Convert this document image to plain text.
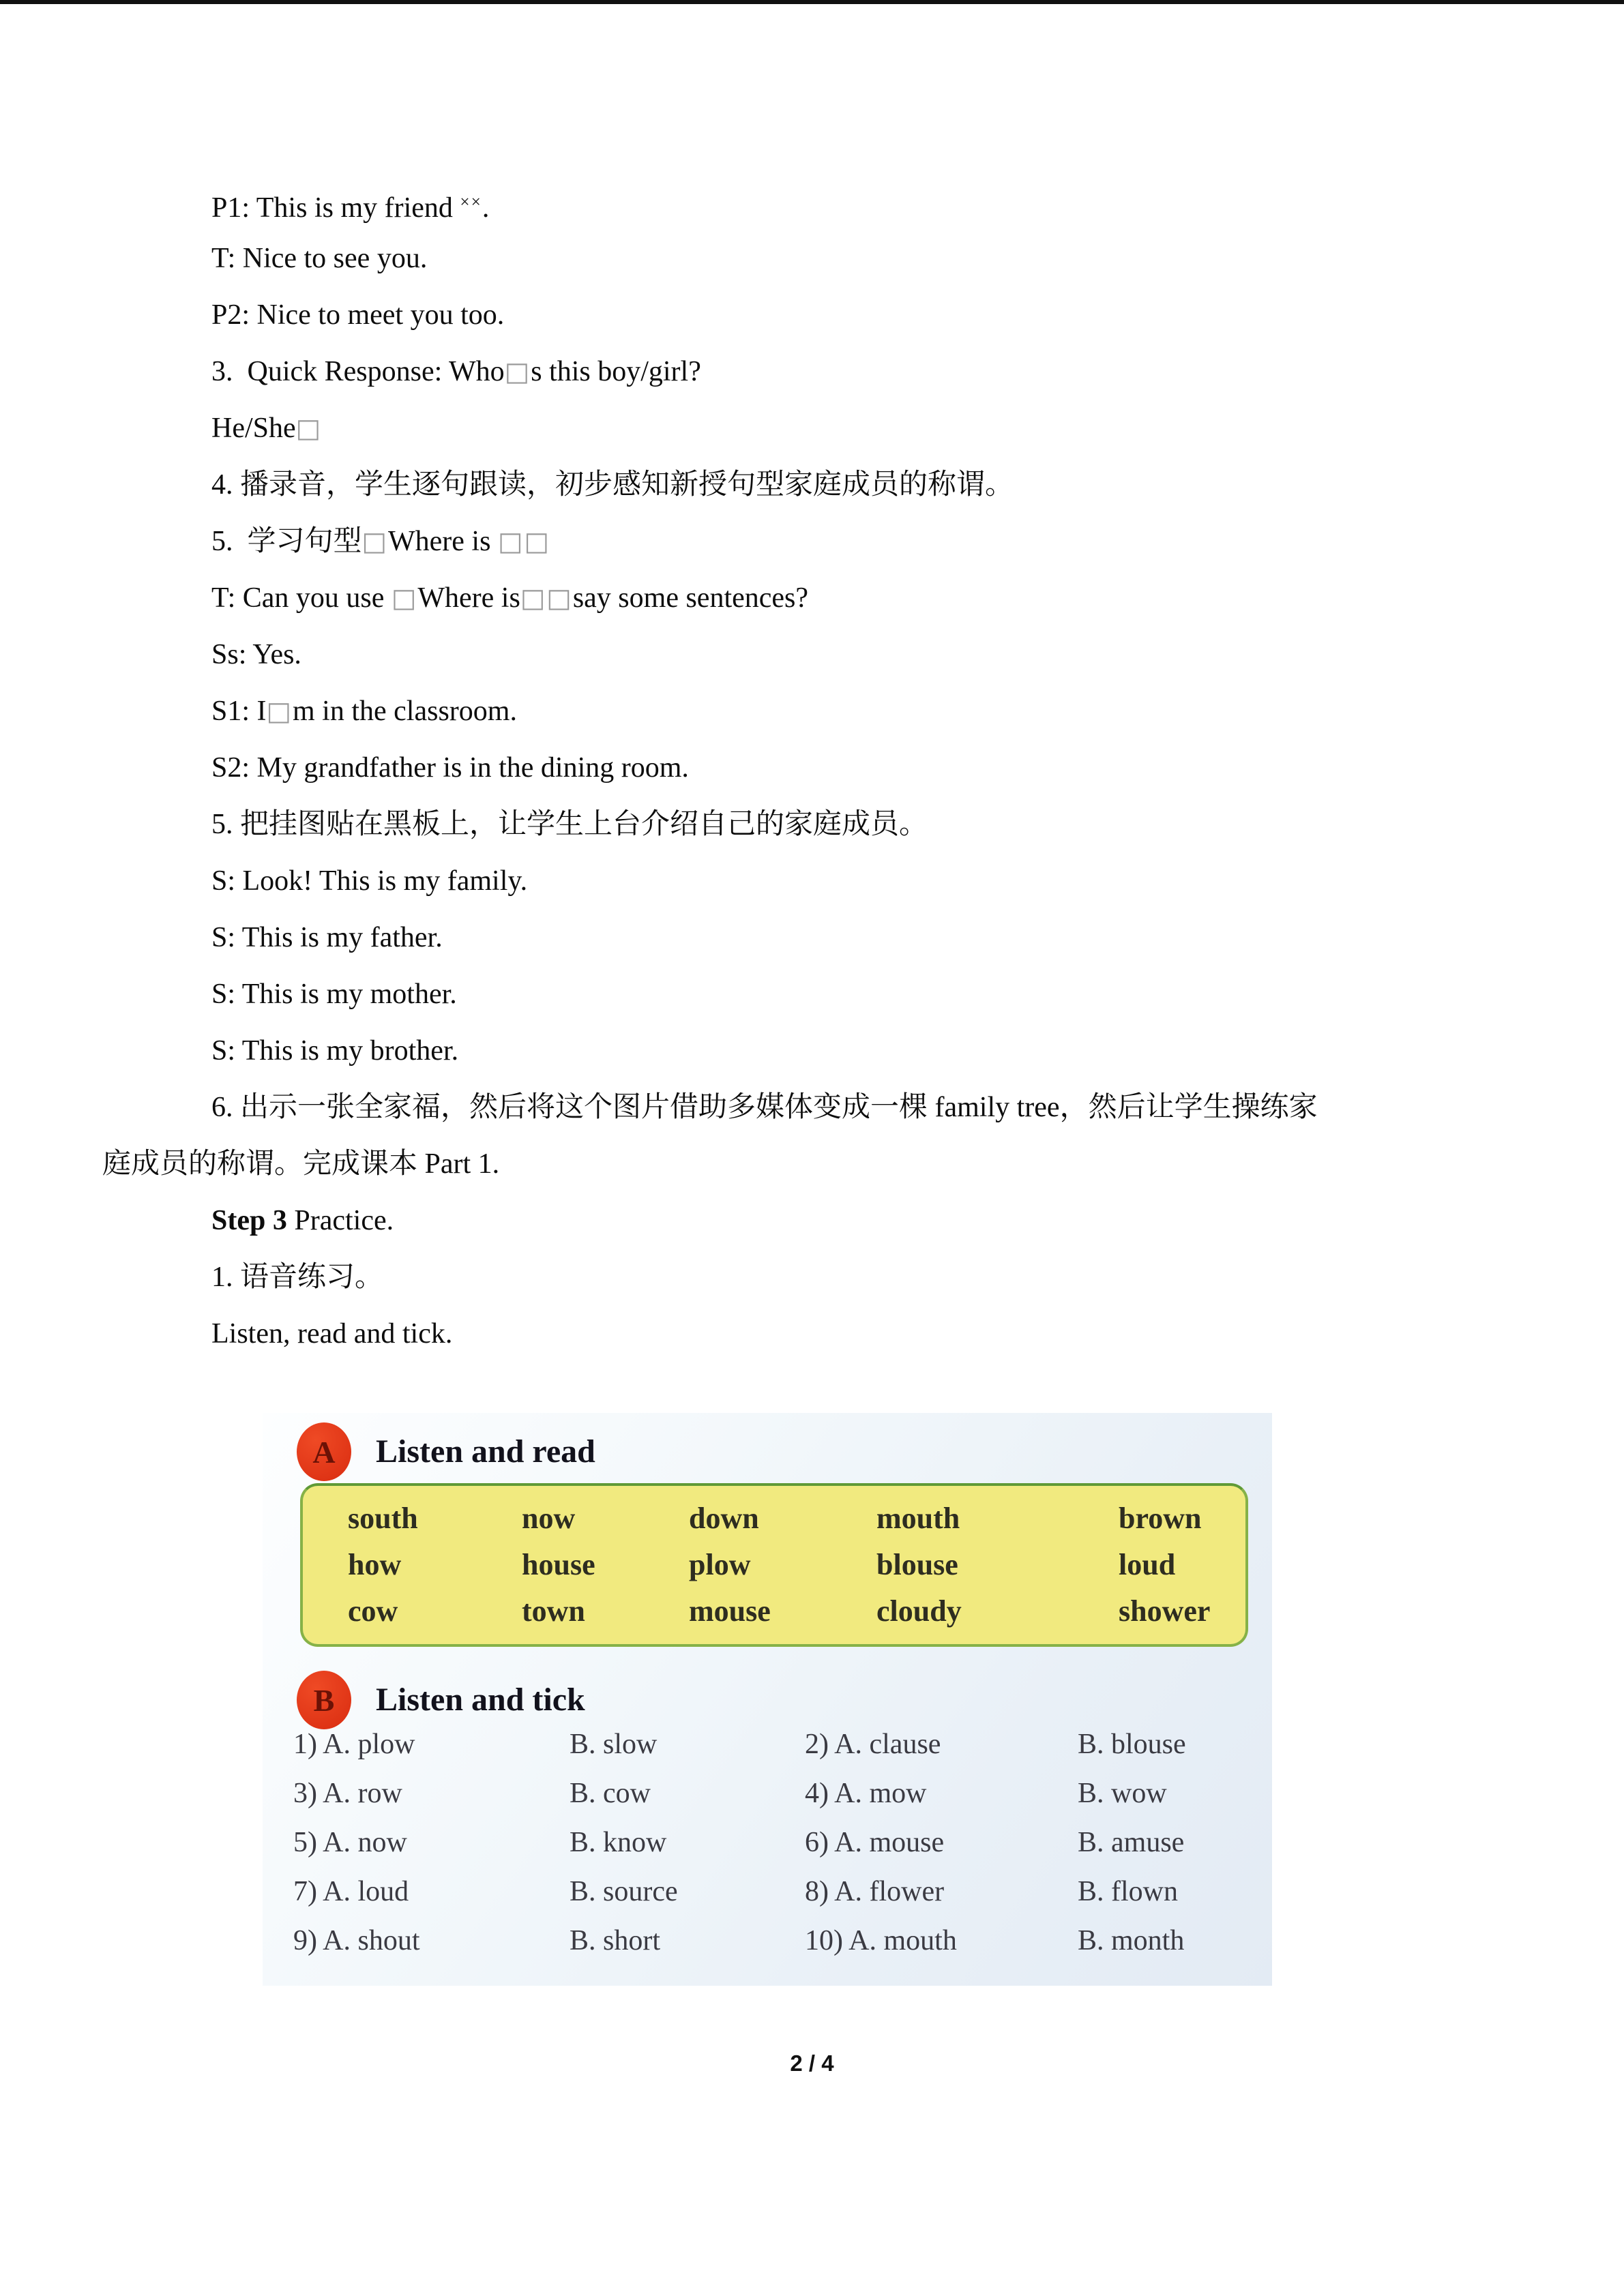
P1: This is my friend ××.
T: Nice to see you.
P2: Nice to meet you too.
3.  Quick Response: Who□s this boy/girl?
He/She□
4. 播录音，学生逐句跟读，初步感知新授句型家庭成员的称谓。
5.  学习句型□Where is □□
T: Can you use □Where is□□say some sentences?
Ss: Yes.
S1: I□m in the classroom.
S2: My grandfather is in the dining room.
5. 把挂图贴在黑板上，让学生上台介绍自己的家庭成员。
S: Look! This is my family.
S: This is my father.
S: This is my mother.
S: This is my brother.
6. 出示一张全家福，然后将这个图片借助多媒体变成一棵 family tree，然后让学生操练家
庭成员的称谓。完成课本 Part 1.
Step 3 Practice.
1. 语音练习。
Listen, read and tick.
A Listen and read
south	now	down	mouth	brown
how	house	plow	blouse	loud
cow	town	mouse	cloudy	shower
B Listen and tick
1) A. plow	B. slow	2) A. clause	B. blouse
3) A. row	B. cow	4) A. mow	B. wow
5) A. now	B. know	6) A. mouse	B. amuse
7) A. loud	B. source	8) A. flower	B. flown
9) A. shout	B. short	10) A. mouth	B. month
2 / 4
